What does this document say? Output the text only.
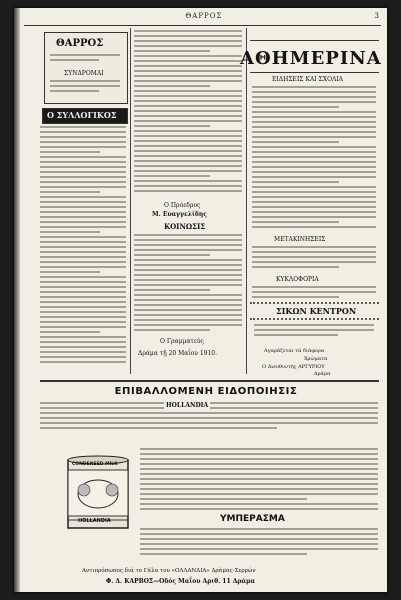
ΘΑΡΡΟΣ	3
ΘΑΡΡΟΣ
ΣΥΝΔΡΟΜΑΙ
Ο ΣΥΛΛΟΓΙΚΟΣ
Ο Πρόεδρος
Μ. Ευαγγελίδης
ΚΟΙΝΩΣΙΣ
Ο Γραμματεύς
Δράμα τῇ 20 Μαΐου 1910.
ΑΘΗΜΕΡΙΝΑ
ΕΙΔΗΣΕΙΣ ΚΑΙ ΣΧΟΛΙΑ
ΜΕΤΑΚΙΝΗΣΕΙΣ
ΚΥΚΛΟΦΟΡΙΑ
ΣΙΚΩΝ ΚΕΝΤΡΟΝ
Αγαράζεται τά διάφορα
Χρώματα
Ο Διευθυντής ΑΡΓΥΡΙΟΥ
Δράμα
ΕΠΙΒΑΛΛΟΜΕΝΗ ΕΙΔΟΠΟΙΗΣΙΣ
HOLLANDIA
CONDENSED MILK
HOLLANDIA	ΥΜΠΕΡΑΣΜΑ
Αντιπρόσωπος διά το Γάλα του «ΟΛΛΑΝΔΙΑ» Δράμας-Σερρών
Φ. Δ. ΚΑΡΒΟΣ—Οδός Μαΐου Αριθ. 11 Δράμα
